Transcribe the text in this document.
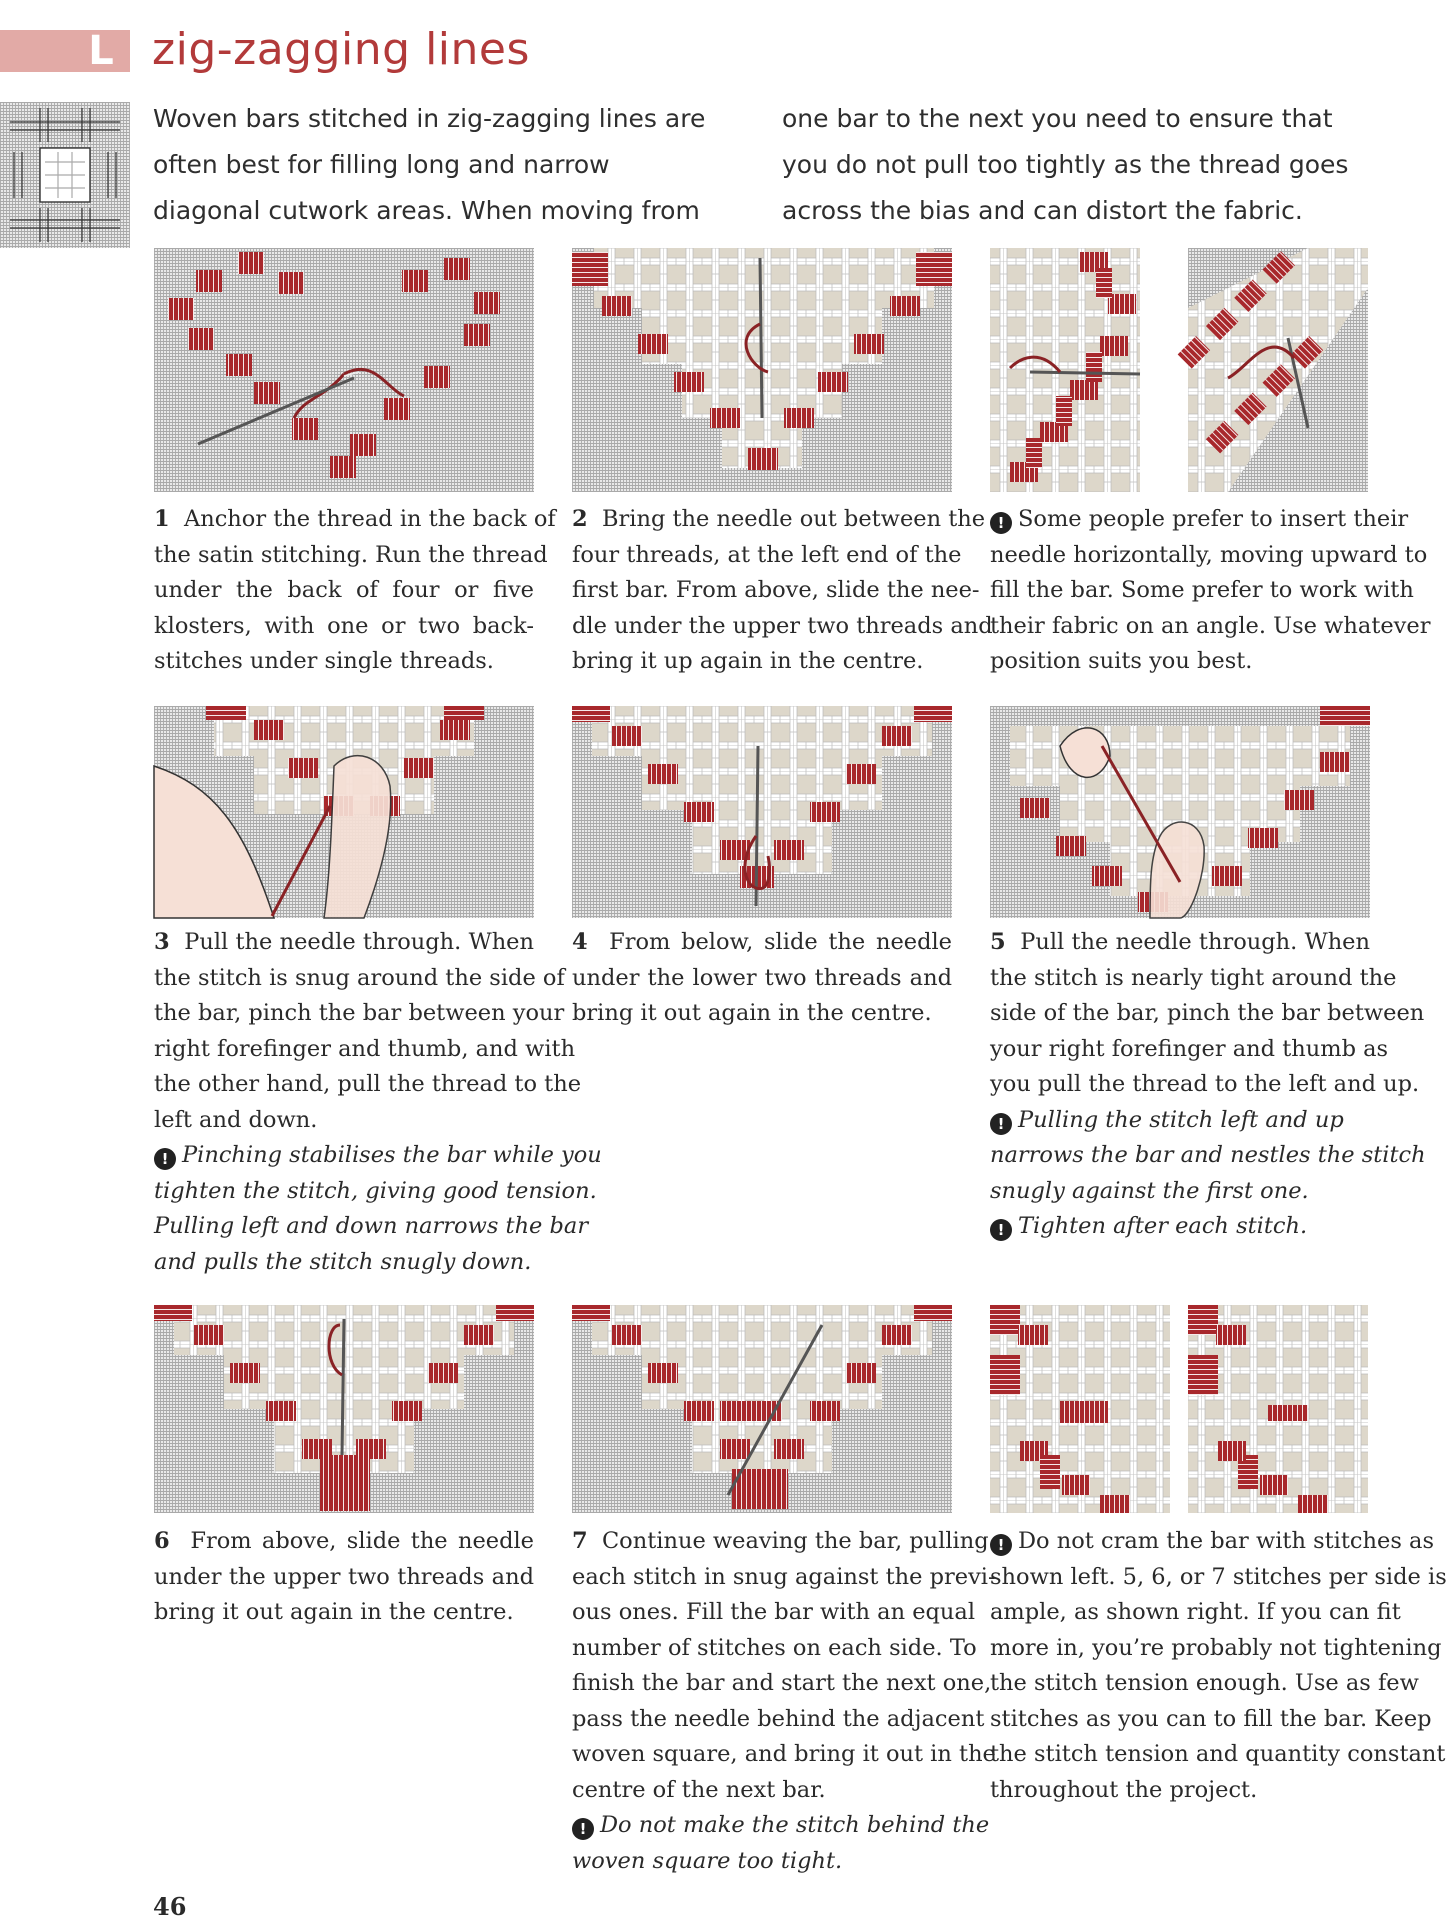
L zig-zagging lines

Woven bars stitched in zig-zagging lines are
often best for filling long and narrow
diagonal cutwork areas. When moving from

one bar to the next you need to ensure that
you do not pull too tightly as the thread goes
across the bias and can distort the fabric.

1 Anchor the thread in the back of
the satin stitching. Run the thread
under the back of four or five
klosters, with one or two back-
stitches under single threads.
2 Bring the needle out between the
four threads, at the left end of the
first bar. From above, slide the nee-
dle under the upper two threads and
bring it up again in the centre.
! Some people prefer to insert their
needle horizontally, moving upward to
fill the bar. Some prefer to work with
their fabric on an angle. Use whatever
position suits you best.
3 Pull the needle through. When
the stitch is snug around the side of
the bar, pinch the bar between your
right forefinger and thumb, and with
the other hand, pull the thread to the
left and down.
! Pinching stabilises the bar while you
tighten the stitch, giving good tension.
Pulling left and down narrows the bar
and pulls the stitch snugly down.
4 From below, slide the needle
under the lower two threads and
bring it out again in the centre.
5 Pull the needle through. When
the stitch is nearly tight around the
side of the bar, pinch the bar between
your right forefinger and thumb as
you pull the thread to the left and up.
! Pulling the stitch left and up
narrows the bar and nestles the stitch
snugly against the first one.
! Tighten after each stitch.
6 From above, slide the needle
under the upper two threads and
bring it out again in the centre.
7 Continue weaving the bar, pulling
each stitch in snug against the previ-
ous ones. Fill the bar with an equal
number of stitches on each side. To
finish the bar and start the next one,
pass the needle behind the adjacent
woven square, and bring it out in the
centre of the next bar.
! Do not make the stitch behind the
woven square too tight.
! Do not cram the bar with stitches as
shown left. 5, 6, or 7 stitches per side is
ample, as shown right. If you can fit
more in, you’re probably not tightening
the stitch tension enough. Use as few
stitches as you can to fill the bar. Keep
the stitch tension and quantity constant
throughout the project.
46
